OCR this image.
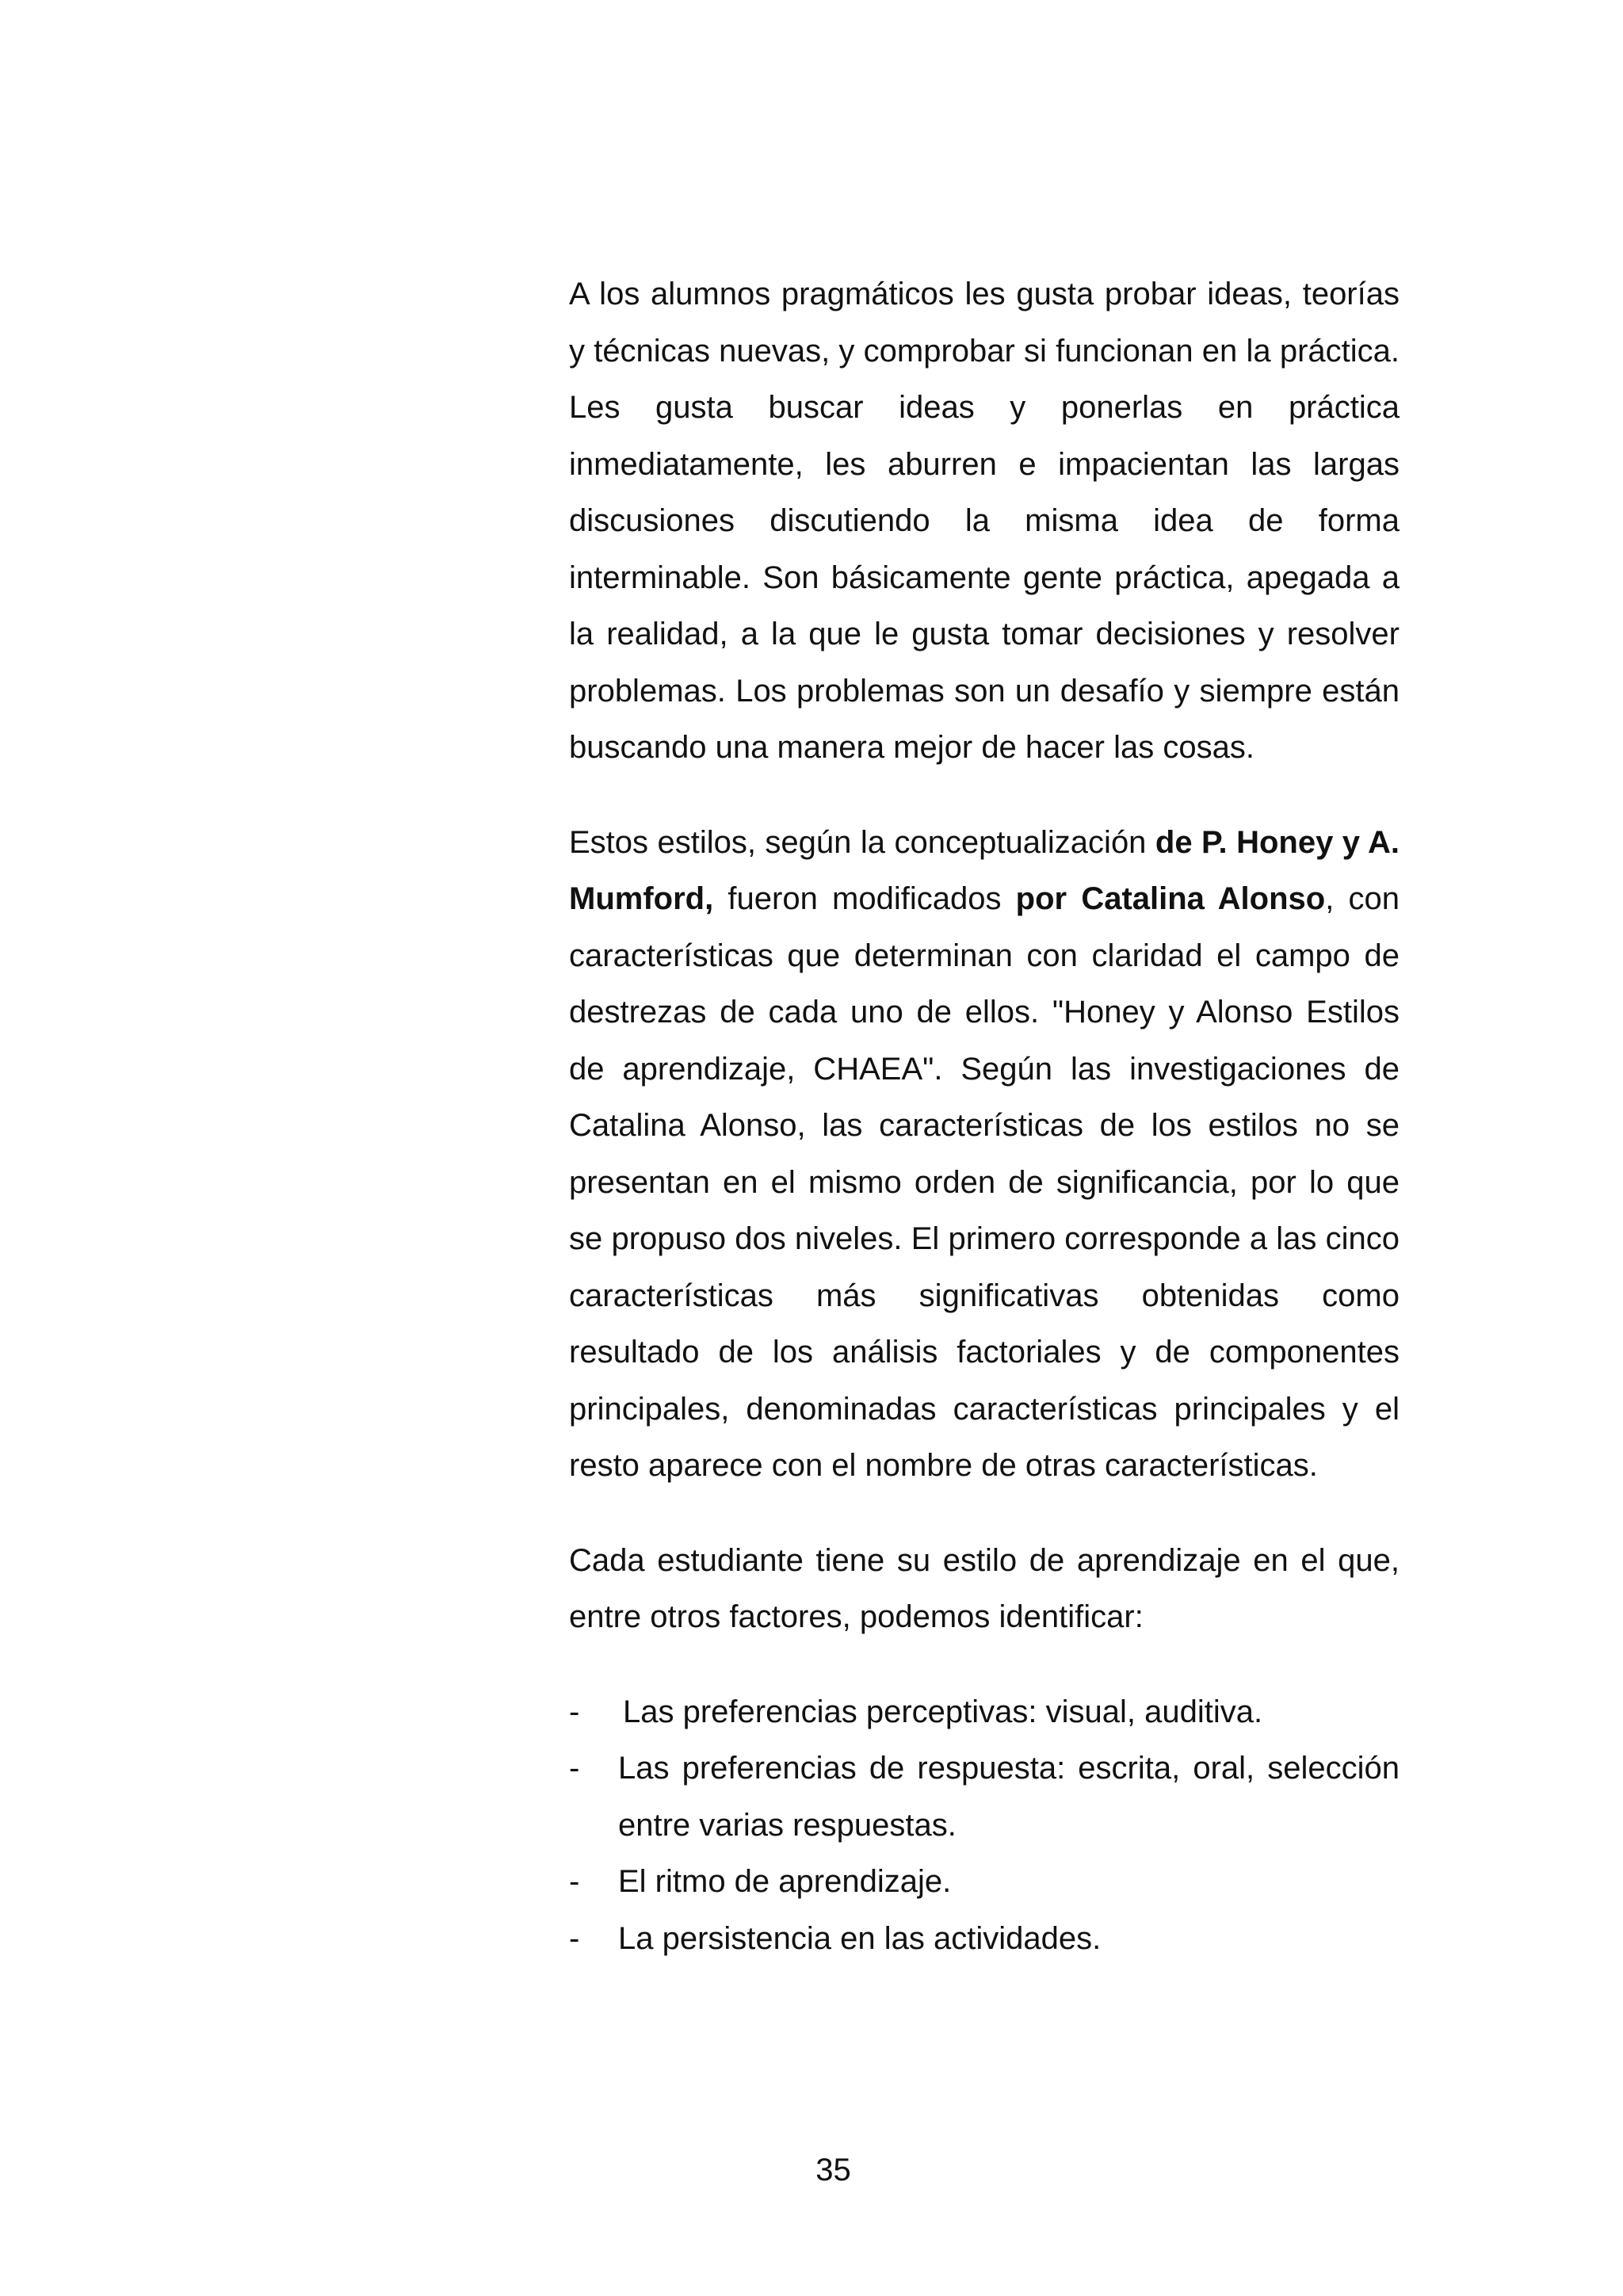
A los alumnos pragmáticos les gusta probar ideas, teorías y técnicas nuevas, y comprobar si funcionan en la práctica. Les gusta buscar ideas y ponerlas en práctica inmediatamente, les aburren e impacientan las largas discusiones discutiendo la misma idea de forma interminable. Son básicamente gente práctica, apegada a la realidad, a la que le gusta tomar decisiones y resolver problemas. Los problemas son un desafío y siempre están buscando una manera mejor de hacer las cosas.

Estos estilos, según la conceptualización de P. Honey y A. Mumford, fueron modificados por Catalina Alonso, con características que determinan con claridad el campo de destrezas de cada uno de ellos. "Honey y Alonso Estilos de aprendizaje, CHAEA". Según las investigaciones de Catalina Alonso, las características de los estilos no se presentan en el mismo orden de significancia, por lo que se propuso dos niveles. El primero corresponde a las cinco características más significativas obtenidas como resultado de los análisis factoriales y de componentes principales, denominadas características principales y el resto aparece con el nombre de otras características.

Cada estudiante tiene su estilo de aprendizaje en el que, entre otros factores, podemos identificar:

- Las preferencias perceptivas: visual, auditiva.
- Las preferencias de respuesta: escrita, oral, selección entre varias respuestas.
- El ritmo de aprendizaje.
- La persistencia en las actividades.
35
